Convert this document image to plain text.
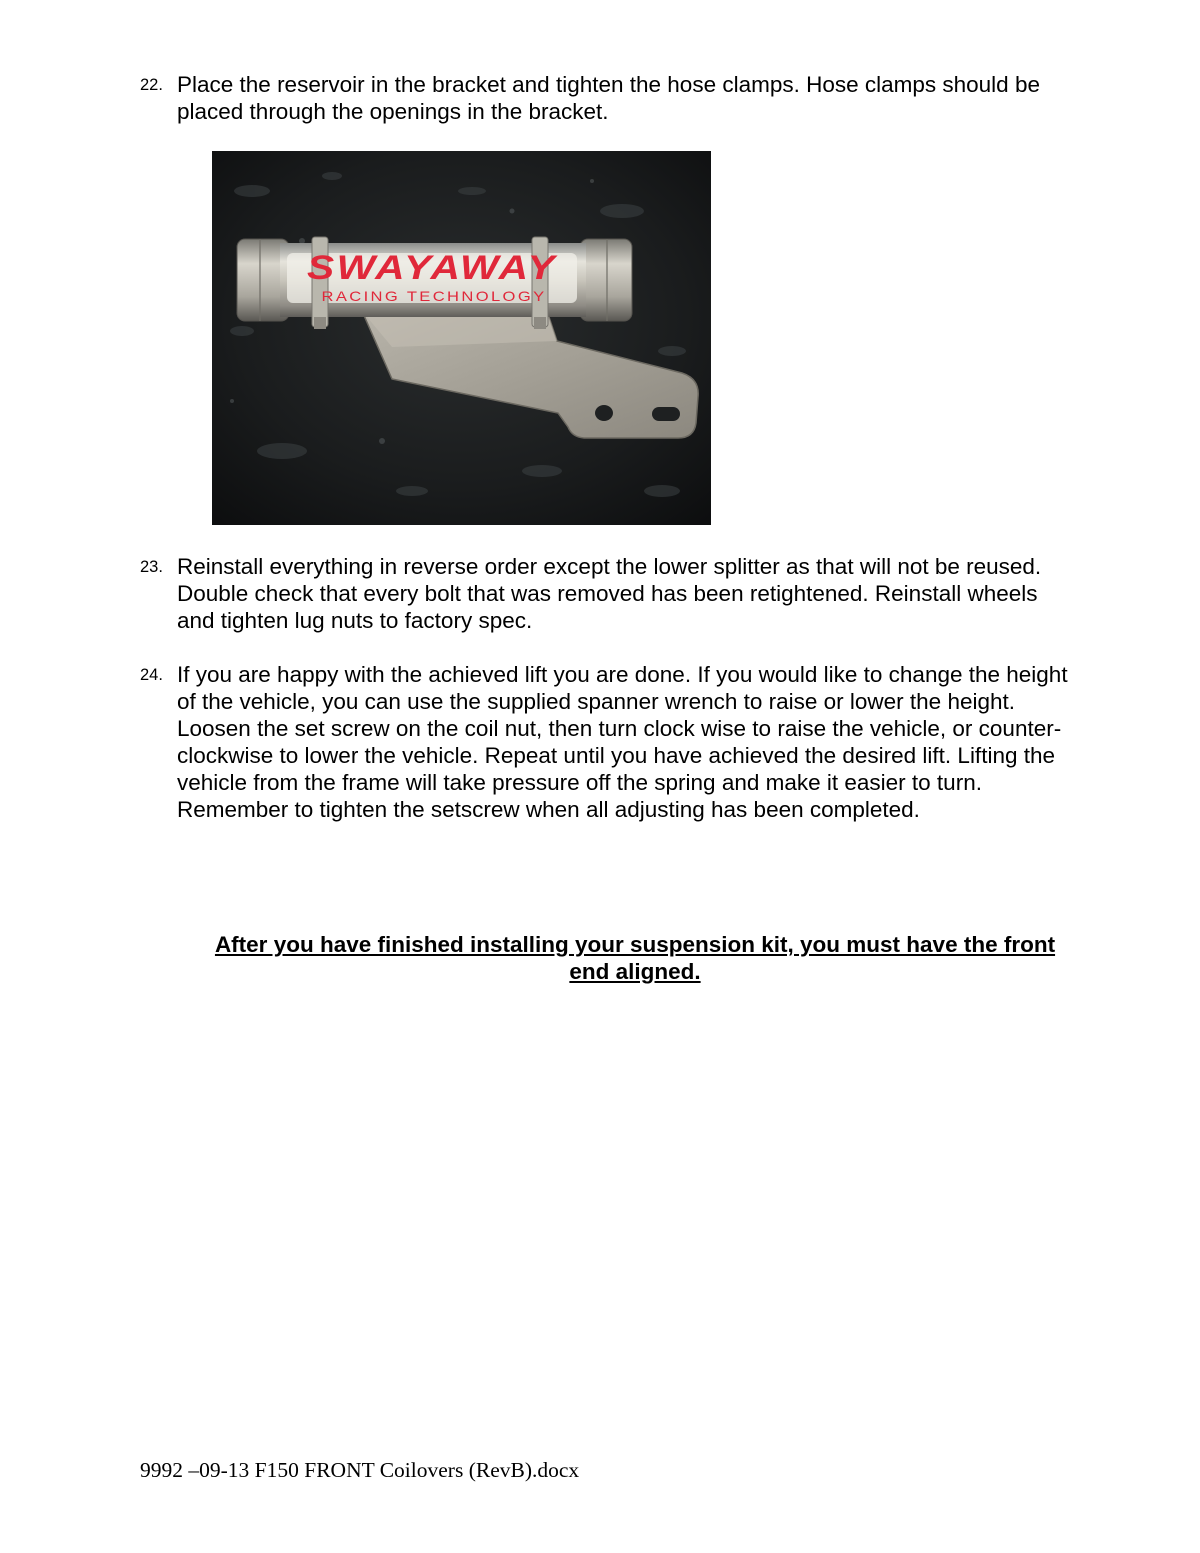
22. Place the reservoir in the bracket and tighten the hose clamps. Hose clamps should be placed through the openings in the bracket.
SWAYAWAY
RACING TECHNOLOGY
23. Reinstall everything in reverse order except the lower splitter as that will not be reused. Double check that every bolt that was removed has been retightened. Reinstall wheels and tighten lug nuts to factory spec.
24. If you are happy with the achieved lift you are done. If you would like to change the height of the vehicle, you can use the supplied spanner wrench to raise or lower the height. Loosen the set screw on the coil nut, then turn clock wise to raise the vehicle, or counter-clockwise to lower the vehicle. Repeat until you have achieved the desired lift. Lifting the vehicle from the frame will take pressure off the spring and make it easier to turn. Remember to tighten the setscrew when all adjusting has been completed.
After you have finished installing your suspension kit, you must have the front end aligned.
9992 –09-13 F150 FRONT Coilovers (RevB).docx
